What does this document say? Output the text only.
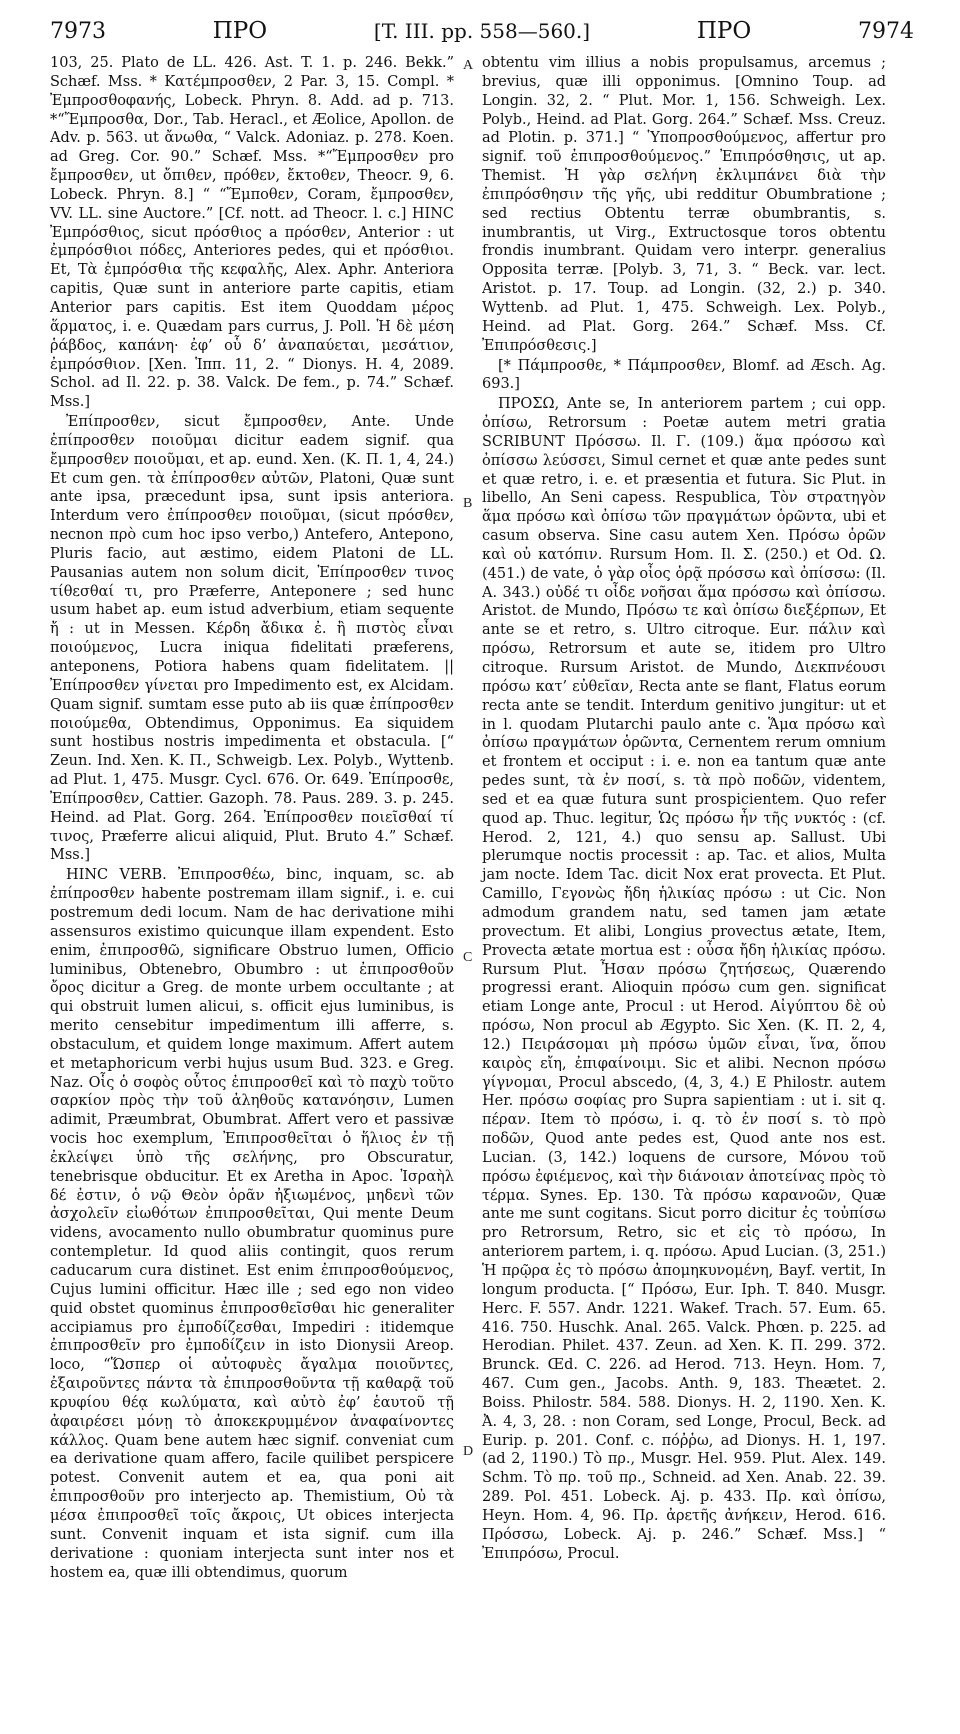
7973	ΠΡΟ	[T. III. pp. 558—560.]	ΠΡΟ	7974
A
B
C
D

103, 25. Plato de LL. 426. Ast. T. 1. p. 246. Bekk.” Schæf. Mss. * Κατέμπροσθεν, 2 Par. 3, 15. Compl. * Ἐμπροσθοφανής, Lobeck. Phryn. 8. Add. ad p. 713. *“Ἔμπροσθα, Dor., Tab. Heracl., et Æolice, Apollon. de Adv. p. 563. ut ἄνωθα, “ Valck. Adoniaz. p. 278. Koen. ad Greg. Cor. 90.” Schæf. Mss. *“Ἔμπροσθεν pro ἔμπροσθεν, ut ὄπιθεν, πρόθεν, ἔκτοθεν, Theocr. 9, 6. Lobeck. Phryn. 8.] “ “Ἔμποθεν, Coram, ἔμπροσθεν, VV. LL. sine Auctore.” [Cf. nott. ad Theocr. l. c.] HINC Ἐμπρόσθιος, sicut πρόσθιος a πρόσθεν, Anterior : ut ἐμπρόσθιοι πόδες, Anteriores pedes, qui et πρόσθιοι. Et, Τὰ ἐμπρόσθια τῆς κεφαλῆς, Alex. Aphr. Anteriora capitis, Quæ sunt in anteriore parte capitis, etiam Anterior pars capitis. Est item Quoddam μέρος ἅρματος, i. e. Quædam pars currus, J. Poll. Ἡ δὲ μέση ῥάβδος, καπάνη· ἐφ’ οὗ δ’ ἀναπαύεται, μεσάτιον, ἐμπρόσθιον. [Xen. Ἱππ. 11, 2. “ Dionys. H. 4, 2089. Schol. ad Il. 22. p. 38. Valck. De fem., p. 74.” Schæf. Mss.]

Ἐπίπροσθεν, sicut ἔμπροσθεν, Ante. Unde ἐπίπροσθεν ποιοῦμαι dicitur eadem signif. qua ἔμπροσθεν ποιοῦμαι, et ap. eund. Xen. (K. Π. 1, 4, 24.) Et cum gen. τὰ ἐπίπροσθεν αὐτῶν, Platoni, Quæ sunt ante ipsa, præcedunt ipsa, sunt ipsis anteriora. Interdum vero ἐπίπροσθεν ποιοῦμαι, (sicut πρόσθεν, necnon πρὸ cum hoc ipso verbo,) Antefero, Antepono, Pluris facio, aut æstimo, eidem Platoni de LL. Pausanias autem non solum dicit, Ἐπίπροσθεν τινος τίθεσθαί τι, pro Præferre, Anteponere ; sed hunc usum habet ap. eum istud adverbium, etiam sequente ἤ : ut in Messen. Κέρδη ἄδικα ἐ. ἢ πιστὸς εἶναι ποιούμενος, Lucra iniqua fidelitati præferens, anteponens, Potiora habens quam fidelitatem. || Ἐπίπροσθεν γίνεται pro Impedimento est, ex Alcidam. Quam signif. sumtam esse puto ab iis quæ ἐπίπροσθεν ποιούμεθα, Obtendimus, Opponimus. Ea siquidem sunt hostibus nostris impedimenta et obstacula. [“ Zeun. Ind. Xen. K. Π., Schweigb. Lex. Polyb., Wyttenb. ad Plut. 1, 475. Musgr. Cycl. 676. Or. 649. Ἐπίπροσθε, Ἐπίπροσθεν, Cattier. Gazoph. 78. Paus. 289. 3. p. 245. Heind. ad Plat. Gorg. 264. Ἐπίπροσθεν ποιεῖσθαί τί τινος, Præferre alicui aliquid, Plut. Bruto 4.” Schæf. Mss.]

HINC VERB. Ἐπιπροσθέω, binc, inquam, sc. ab ἐπίπροσθεν habente postremam illam signif., i. e. cui postremum dedi locum. Nam de hac derivatione mihi assensuros existimo quicunque illam expendent. Esto enim, ἐπιπροσθῶ, significare Obstruo lumen, Officio luminibus, Obtenebro, Obumbro : ut ἐπιπροσθοῦν ὄρος dicitur a Greg. de monte urbem occultante ; at qui obstruit lumen alicui, s. officit ejus luminibus, is merito censebitur impedimentum illi afferre, s. obstaculum, et quidem longe maximum. Affert autem et metaphoricum verbi hujus usum Bud. 323. e Greg. Naz. Οἷς ὁ σοφὸς οὗτος ἐπιπροσθεῖ καὶ τὸ παχὺ τοῦτο σαρκίον πρὸς τὴν τοῦ ἀληθοῦς κατανόησιν, Lumen adimit, Præumbrat, Obumbrat. Affert vero et passivæ vocis hoc exemplum, Ἐπιπροσθεῖται ὁ ἥλιος ἐν τῇ ἐκλείψει ὑπὸ τῆς σελήνης, pro Obscuratur, tenebrisque obducitur. Et ex Aretha in Apoc. Ἰσραὴλ δέ ἐστιν, ὁ νῷ Θεὸν ὁρᾶν ἠξιωμένος, μηδενὶ τῶν ἀσχολεῖν εἰωθότων ἐπιπροσθεῖται, Qui mente Deum videns, avocamento nullo obumbratur quominus pure contempletur. Id quod aliis contingit, quos rerum caducarum cura distinet. Est enim ἐπιπροσθούμενος, Cujus lumini officitur. Hæc ille ; sed ego non video quid obstet quominus ἐπιπροσθεῖσθαι hic generaliter accipiamus pro ἐμποδίζεσθαι, Impediri : itidemque ἐπιπροσθεῖν pro ἐμποδίζειν in isto Dionysii Areop. loco, “Ὥσπερ οἱ αὐτοφυὲς ἄγαλμα ποιοῦντες, ἐξαιροῦντες πάντα τὰ ἐπιπροσθοῦντα τῇ καθαρᾷ τοῦ κρυφίου θέᾳ κωλύματα, καὶ αὐτὸ ἐφ’ ἑαυτοῦ τῇ ἀφαιρέσει μόνῃ τὸ ἀποκεκρυμμένον ἀναφαίνοντες κάλλος. Quam bene autem hæc signif. conveniat cum ea derivatione quam affero, facile quilibet perspicere potest. Convenit autem et ea, qua poni ait ἐπιπροσθοῦν pro interjecto ap. Themistium, Οὐ τὰ μέσα ἐπιπροσθεῖ τοῖς ἄκροις, Ut obices interjecta sunt. Convenit inquam et ista signif. cum illa derivatione : quoniam interjecta sunt inter nos et hostem ea, quæ illi obtendimus, quorum

obtentu vim illius a nobis propulsamus, arcemus ; brevius, quæ illi opponimus. [Omnino Toup. ad Longin. 32, 2. “ Plut. Mor. 1, 156. Schweigh. Lex. Polyb., Heind. ad Plat. Gorg. 264.” Schæf. Mss. Creuz. ad Plotin. p. 371.] “ Ὑποπροσθούμενος, affertur pro signif. τοῦ ἐπιπροσθούμενος.” Ἐπιπρόσθησις, ut ap. Themist. Ἡ γὰρ σελήνη ἐκλιμπάνει διὰ τὴν ἐπιπρόσθησιν τῆς γῆς, ubi redditur Obumbratione ; sed rectius Obtentu terræ obumbrantis, s. inumbrantis, ut Virg., Extructosque toros obtentu frondis inumbrant. Quidam vero interpr. generalius Opposita terræ. [Polyb. 3, 71, 3. “ Beck. var. lect. Aristot. p. 17. Toup. ad Longin. (32, 2.) p. 340. Wyttenb. ad Plut. 1, 475. Schweigh. Lex. Polyb., Heind. ad Plat. Gorg. 264.” Schæf. Mss. Cf. Ἐπιπρόσθεσις.]

[* Πάμπροσθε, * Πάμπροσθεν, Blomf. ad Æsch. Ag. 693.]

ΠΡΟΣΩ, Ante se, In anteriorem partem ; cui opp. ὀπίσω, Retrorsum : Poetæ autem metri gratia SCRIBUNT Πρόσσω. Il. Γ. (109.) ἅμα πρόσσω καὶ ὀπίσσω λεύσσει, Simul cernet et quæ ante pedes sunt et quæ retro, i. e. et præsentia et futura. Sic Plut. in libello, An Seni capess. Respublica, Τὸν στρατηγὸν ἅμα πρόσω καὶ ὀπίσω τῶν πραγμάτων ὁρῶντα, ubi et casum observa. Sine casu autem Xen. Πρόσω ὁρῶν καὶ οὐ κατόπιν. Rursum Hom. Il. Σ. (250.) et Od. Ω. (451.) de vate, ὁ γὰρ οἶος ὁρᾷ πρόσσω καὶ ὀπίσσω: (Il. A. 343.) οὐδέ τι οἶδε νοῆσαι ἅμα πρόσσω καὶ ὀπίσσω. Aristot. de Mundo, Πρόσω τε καὶ ὀπίσω διεξέρπων, Et ante se et retro, s. Ultro citroque. Eur. πάλιν καὶ πρόσω, Retrorsum et aute se, itidem pro Ultro citroque. Rursum Aristot. de Mundo, Διεκπνέουσι πρόσω κατ’ εὐθεῖαν, Recta ante se flant, Flatus eorum recta ante se tendit. Interdum genitivo jungitur: ut et in l. quodam Plutarchi paulo ante c. Ἅμα πρόσω καὶ ὀπίσω πραγμάτων ὁρῶντα, Cernentem rerum omnium et frontem et occiput : i. e. non ea tantum quæ ante pedes sunt, τὰ ἐν ποσί, s. τὰ πρὸ ποδῶν, videntem, sed et ea quæ futura sunt prospicientem. Quo refer quod ap. Thuc. legitur, Ὡς πρόσω ἦν τῆς νυκτός : (cf. Herod. 2, 121, 4.) quo sensu ap. Sallust. Ubi plerumque noctis processit : ap. Tac. et alios, Multa jam nocte. Idem Tac. dicit Nox erat provecta. Et Plut. Camillo, Γεγονὼς ἤδη ἡλικίας πρόσω : ut Cic. Non admodum grandem natu, sed tamen jam ætate provectum. Et alibi, Longius provectus ætate, Item, Provecta ætate mortua est : οὖσα ἤδη ἡλικίας πρόσω. Rursum Plut. Ἦσαν πρόσω ζητήσεως, Quærendo progressi erant. Alioquin πρόσω cum gen. significat etiam Longe ante, Procul : ut Herod. Αἰγύπτου δὲ οὐ πρόσω, Non procul ab Ægypto. Sic Xen. (K. Π. 2, 4, 12.) Πειράσομαι μὴ πρόσω ὑμῶν εἶναι, ἵνα, ὅπου καιρὸς εἴη, ἐπιφαίνοιμι. Sic et alibi. Necnon πρόσω γίγνομαι, Procul abscedo, (4, 3, 4.) E Philostr. autem Her. πρόσω σοφίας pro Supra sapientiam : ut i. sit q. πέραν. Item τὸ πρόσω, i. q. τὸ ἐν ποσί s. τὸ πρὸ ποδῶν, Quod ante pedes est, Quod ante nos est. Lucian. (3, 142.) loquens de cursore, Μόνου τοῦ πρόσω ἐφιέμενος, καὶ τὴν διάνοιαν ἀποτείνας πρὸς τὸ τέρμα. Synes. Ep. 130. Τὰ πρόσω καρανοῶν, Quæ ante me sunt cogitans. Sicut porro dicitur ἐς τοὐπίσω pro Retrorsum, Retro, sic et εἰς τὸ πρόσω, In anteriorem partem, i. q. πρόσω. Apud Lucian. (3, 251.) Ἡ πρῷρα ἐς τὸ πρόσω ἀπομηκυνομένη, Bayf. vertit, In longum producta. [“ Πρόσω, Eur. Iph. T. 840. Musgr. Herc. F. 557. Andr. 1221. Wakef. Trach. 57. Eum. 65. 416. 750. Huschk. Anal. 265. Valck. Phœn. p. 225. ad Herodian. Philet. 437. Zeun. ad Xen. K. Π. 299. 372. Brunck. Œd. C. 226. ad Herod. 713. Heyn. Hom. 7, 467. Cum gen., Jacobs. Anth. 9, 183. Theætet. 2. Boiss. Philostr. 584. 588. Dionys. H. 2, 1190. Xen. K. Ἀ. 4, 3, 28. : non Coram, sed Longe, Procul, Beck. ad Eurip. p. 201. Conf. c. πόῤῥω, ad Dionys. H. 1, 197. (ad 2, 1190.) Τὸ πρ., Musgr. Hel. 959. Plut. Alex. 149. Schm. Τὸ πρ. τοῦ πρ., Schneid. ad Xen. Anab. 22. 39. 289. Pol. 451. Lobeck. Aj. p. 433. Πρ. καὶ ὀπίσω, Heyn. Hom. 4, 96. Πρ. ἀρετῆς ἀνήκειν, Herod. 616. Πρόσσω, Lobeck. Aj. p. 246.” Schæf. Mss.] “ Ἐπιπρόσω, Procul.
